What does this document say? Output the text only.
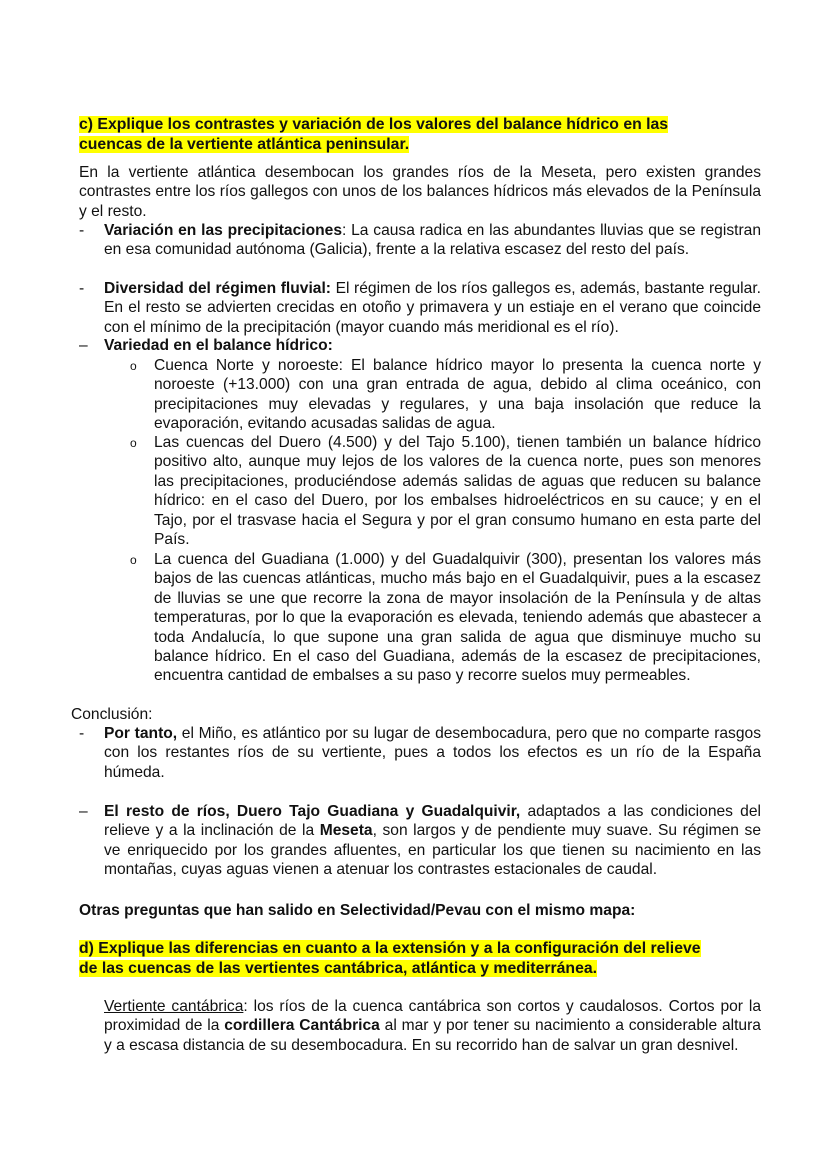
c) Explique los contrastes y variación de los valores del balance hídrico en las
cuencas de la vertiente atlántica peninsular.
En la vertiente atlántica desembocan los grandes ríos de la Meseta, pero existen grandes contrastes entre los ríos gallegos con unos de los balances hídricos más elevados de la Península y el resto.
-	Variación en las precipitaciones: La causa radica en las abundantes lluvias que se registran en esa comunidad autónoma (Galicia), frente a la relativa escasez del resto del país.
-	Diversidad del régimen fluvial: El régimen de los ríos gallegos es, además, bastante regular. En el resto se advierten crecidas en otoño y primavera y un estiaje en el verano que coincide con el mínimo de la precipitación (mayor cuando más meridional es el río).
–	Variedad en el balance hídrico:
o Cuenca Norte y noroeste: El balance hídrico mayor lo presenta la cuenca norte y noroeste (+13.000) con una gran entrada de agua, debido al clima oceánico, con precipitaciones muy elevadas y regulares, y una baja insolación que reduce la evaporación, evitando acusadas salidas de agua.
o Las cuencas del Duero (4.500) y del Tajo 5.100), tienen también un balance hídrico positivo alto, aunque muy lejos de los valores de la cuenca norte, pues son menores las precipitaciones, produciéndose además salidas de aguas que reducen su balance hídrico: en el caso del Duero, por los embalses hidroeléctricos en su cauce; y en el Tajo, por el trasvase hacia el Segura y por el gran consumo humano en esta parte del País.
o La cuenca del Guadiana (1.000) y del Guadalquivir (300), presentan los valores más bajos de las cuencas atlánticas, mucho más bajo en el Guadalquivir, pues a la escasez de lluvias se une que recorre la zona de mayor insolación de la Península y de altas temperaturas, por lo que la evaporación es elevada, teniendo además que abastecer a toda Andalucía, lo que supone una gran salida de agua que disminuye mucho su balance hídrico. En el caso del Guadiana, además de la escasez de precipitaciones, encuentra cantidad de embalses a su paso y recorre suelos muy permeables.
Conclusión:
-	Por tanto, el Miño, es atlántico por su lugar de desembocadura, pero que no comparte rasgos con los restantes ríos de su vertiente, pues a todos los efectos es un río de la España húmeda.
–	El resto de ríos, Duero Tajo Guadiana y Guadalquivir, adaptados a las condiciones del relieve y a la inclinación de la Meseta, son largos y de pendiente muy suave. Su régimen se ve enriquecido por los grandes afluentes, en particular los que tienen su nacimiento en las montañas, cuyas aguas vienen a atenuar los contrastes estacionales de caudal.
Otras preguntas que han salido en Selectividad/Pevau con el mismo mapa:
d) Explique las diferencias en cuanto a la extensión y a la configuración del relieve
de las cuencas de las vertientes cantábrica, atlántica y mediterránea.
Vertiente cantábrica: los ríos de la cuenca cantábrica son cortos y caudalosos. Cortos por la proximidad de la cordillera Cantábrica al mar y por tener su nacimiento a considerable altura y a escasa distancia de su desembocadura. En su recorrido han de salvar un gran desnivel.
